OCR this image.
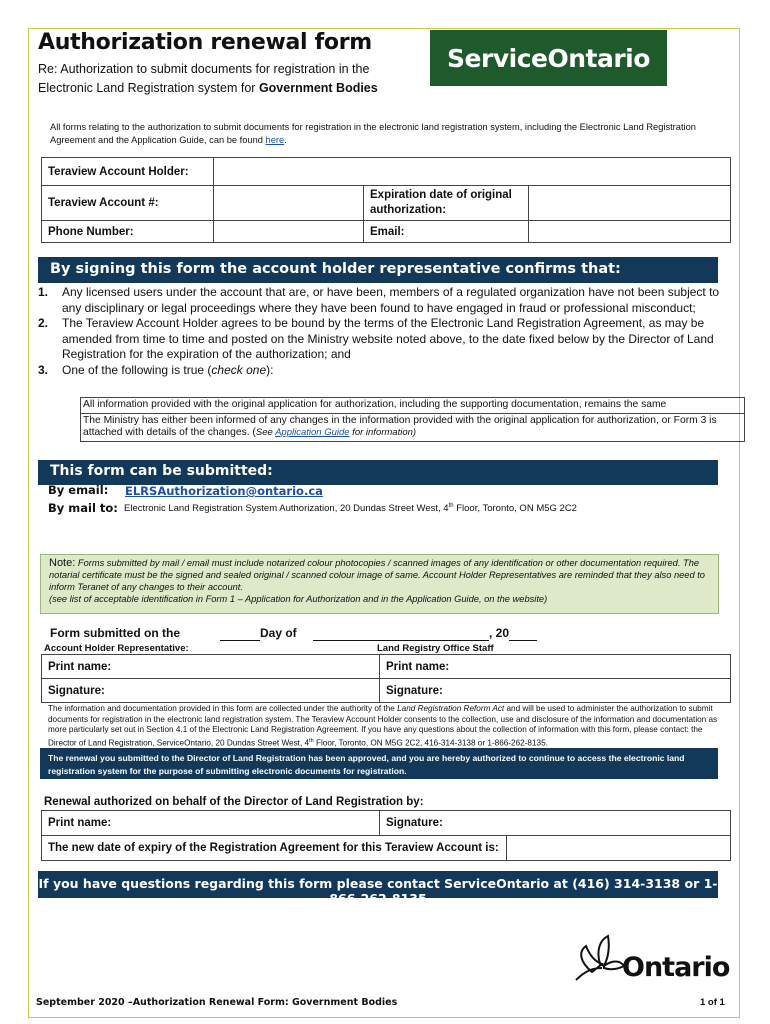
Authorization renewal form
Re: Authorization to submit documents for registration in the
Electronic Land Registration system for Government Bodies
ServiceOntario
All forms relating to the authorization to submit documents for registration in the electronic land registration system, including the Electronic Land Registration Agreement and the Application Guide, can be found here.
Teraview Account Holder:			
Teraview Account #:		Expiration date of original authorization:	
Phone Number:		Email:	
By signing this form the account holder representative confirms that:
1.	Any licensed users under the account that are, or have been, members of a regulated organization have not been subject to any disciplinary or legal proceedings where they have been found to have engaged in fraud or professional misconduct;
2.	The Teraview Account Holder agrees to be bound by the terms of the Electronic Land Registration Agreement, as may be amended from time to time and posted on the Ministry website noted above, to the date fixed below by the Director of Land Registration for the expiration of the authorization; and
3.	One of the following is true (check one):
All information provided with the original application for authorization, including the supporting documentation, remains the same
The Ministry has either been informed of any changes in the information provided with the original application for authorization, or Form 3 is attached with details of the changes. (See Application Guide for information)
This form can be submitted:
By email: ELRSAuthorization@ontario.ca
By mail to: Electronic Land Registration System Authorization, 20 Dundas Street West, 4th Floor, Toronto, ON M5G 2C2
Note: Forms submitted by mail / email must include notarized colour photocopies / scanned images of any identification or other documentation required. The notarial certificate must be the signed and sealed original / scanned colour image of same. Account Holder Representatives are reminded that they also need to inform Teranet of any changes to their account.
(see list of acceptable identification in Form 1 – Application for Authorization and in the Application Guide, on the website)
Form submitted on the	Day of	, 20
Account Holder Representative:	Land Registry Office Staff
Print name:	Print name:
Signature:	Signature:
The information and documentation provided in this form are collected under the authority of the Land Registration Reform Act and will be used to administer the authorization to submit documents for registration in the electronic land registration system. The Teraview Account Holder consents to the collection, use and disclosure of the information and documentation as more particularly set out in Section 4.1 of the Electronic Land Registration Agreement. If you have any questions about the collection of information with this form, please contact: the Director of Land Registration, ServiceOntario, 20 Dundas Street West, 4th Floor, Toronto, ON M5G 2C2, 416-314-3138 or 1-866-262-8135.
The renewal you submitted to the Director of Land Registration has been approved, and you are hereby authorized to continue to access the electronic land registration system for the purpose of submitting electronic documents for registration.
Renewal authorized on behalf of the Director of Land Registration by:
Print name:	Signature:	
The new date of expiry of the Registration Agreement for this Teraview Account is:		
If you have questions regarding this form please contact ServiceOntario at (416) 314-3138 or 1-866-262-8135
Ontario
September 2020 –Authorization Renewal Form: Government Bodies	1 of 1
